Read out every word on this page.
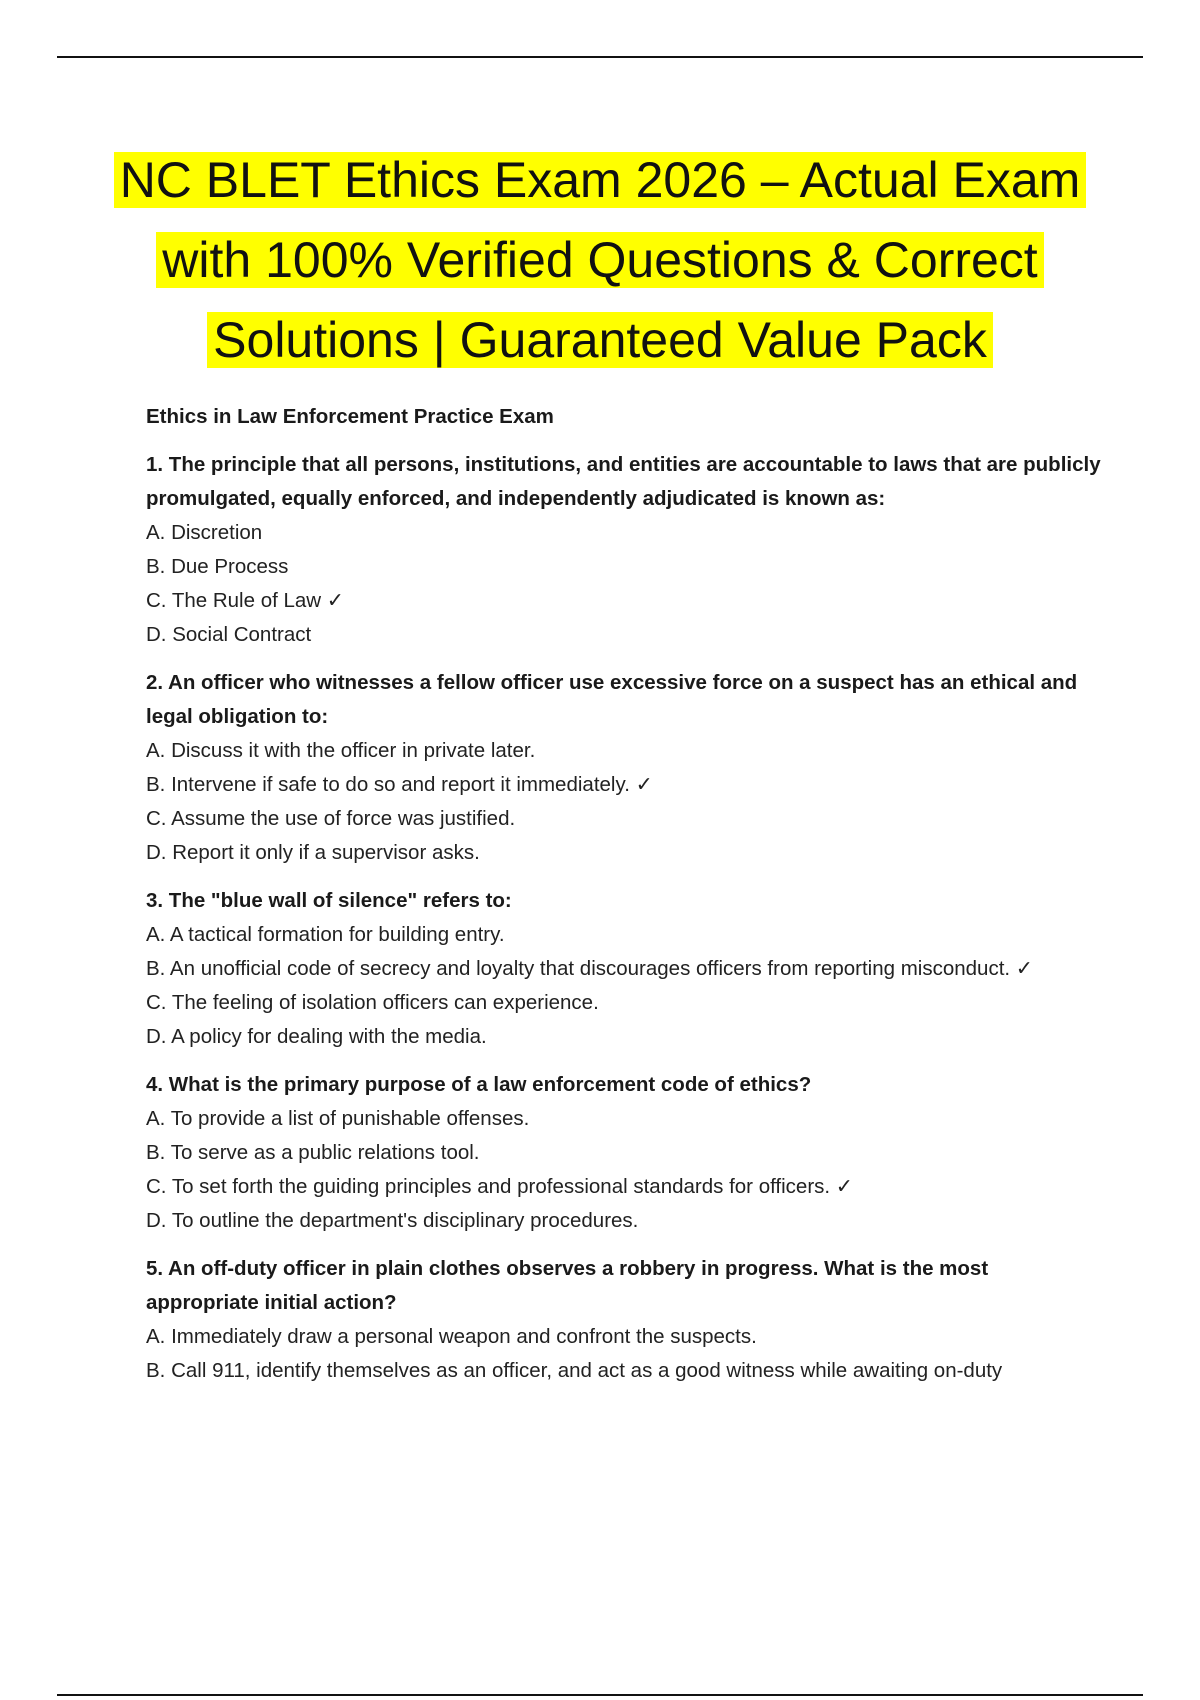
NC BLET Ethics Exam 2026 – Actual Exam
with 100% Verified Questions & Correct
Solutions | Guaranteed Value Pack
Ethics in Law Enforcement Practice Exam
1. The principle that all persons, institutions, and entities are accountable to laws that are publicly promulgated, equally enforced, and independently adjudicated is known as:
A. Discretion
B. Due Process
C. The Rule of Law ✓
D. Social Contract
2. An officer who witnesses a fellow officer use excessive force on a suspect has an ethical and legal obligation to:
A. Discuss it with the officer in private later.
B. Intervene if safe to do so and report it immediately. ✓
C. Assume the use of force was justified.
D. Report it only if a supervisor asks.
3. The "blue wall of silence" refers to:
A. A tactical formation for building entry.
B. An unofficial code of secrecy and loyalty that discourages officers from reporting misconduct. ✓
C. The feeling of isolation officers can experience.
D. A policy for dealing with the media.
4. What is the primary purpose of a law enforcement code of ethics?
A. To provide a list of punishable offenses.
B. To serve as a public relations tool.
C. To set forth the guiding principles and professional standards for officers. ✓
D. To outline the department's disciplinary procedures.
5. An off-duty officer in plain clothes observes a robbery in progress. What is the most appropriate initial action?
A. Immediately draw a personal weapon and confront the suspects.
B. Call 911, identify themselves as an officer, and act as a good witness while awaiting on-duty
